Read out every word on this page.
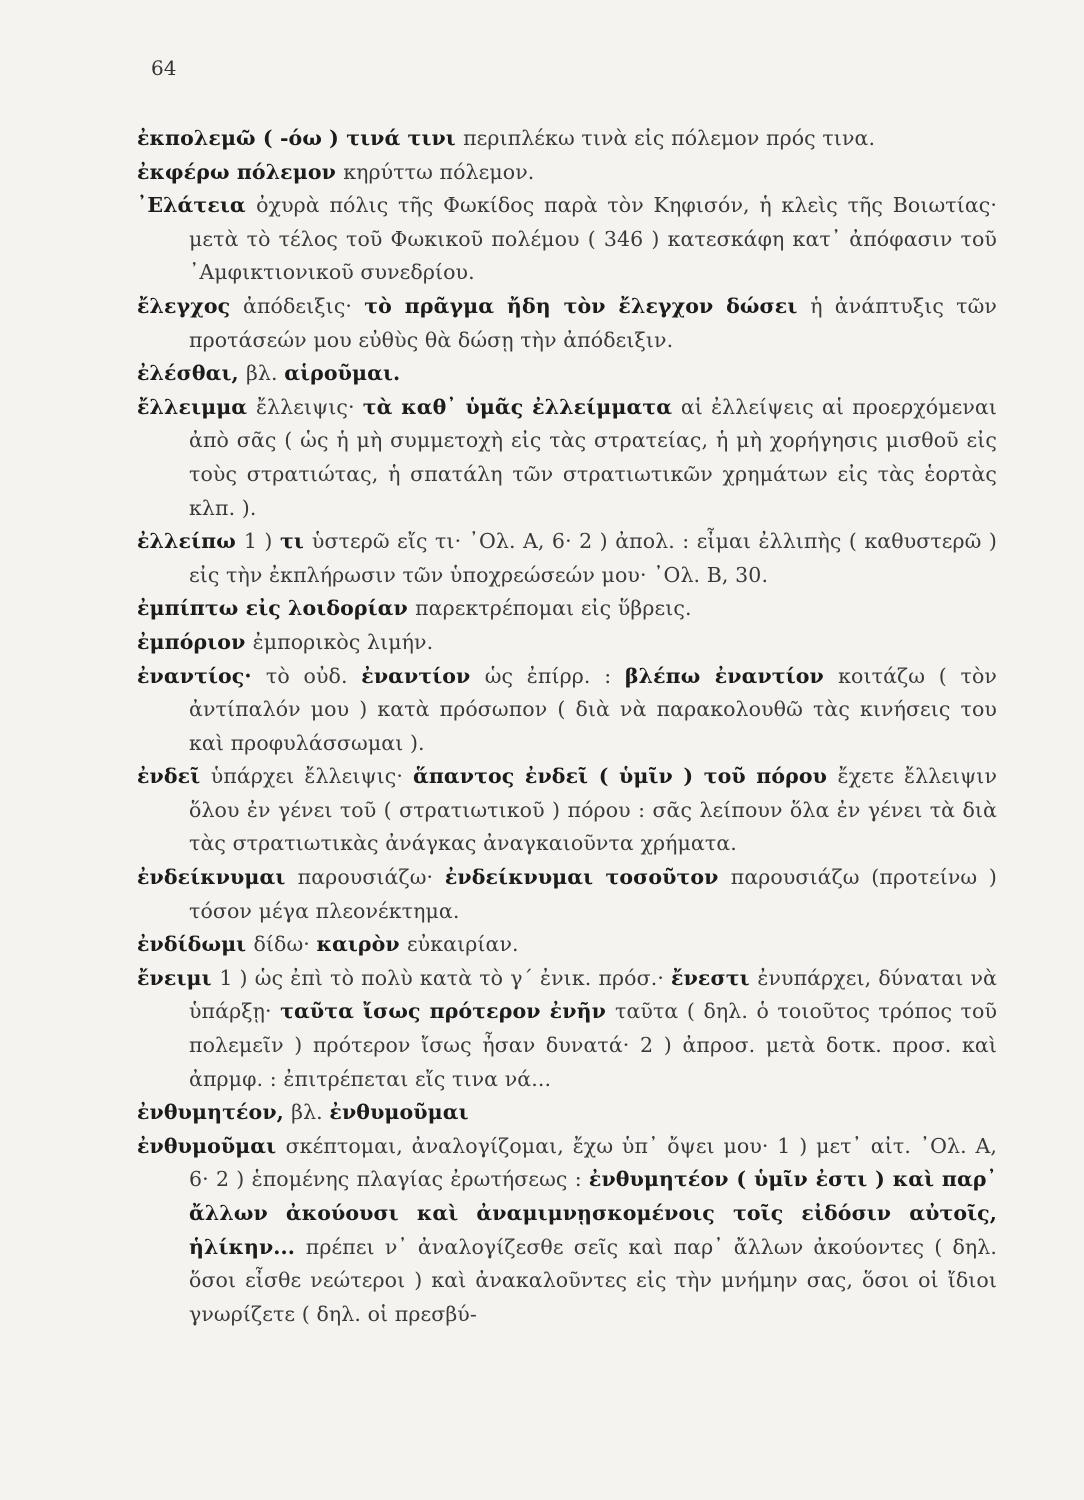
64
ἐκπολεμῶ ( -όω ) τινά τινι περιπλέκω τινὰ εἰς πόλεμον πρός τινα.
ἐκφέρω πόλεμον κηρύττω πόλεμον.
᾿Ελάτεια ὀχυρὰ πόλις τῆς Φωκίδος παρὰ τὸν Κηφισόν, ἡ κλεὶς τῆς Βοιωτίας· μετὰ τὸ τέλος τοῦ Φωκικοῦ πολέμου ( 346 ) κατεσκάφη κατ᾿ ἀπόφασιν τοῦ ᾿Αμφικτιονικοῦ συνεδρίου.
ἔλεγχος ἀπόδειξις· τὸ πρᾶγμα ἤδη τὸν ἔλεγχον δώσει ἡ ἀνάπτυξις τῶν προτάσεών μου εὐθὺς θὰ δώσῃ τὴν ἀπόδειξιν.
ἐλέσθαι, βλ. αἱροῦμαι.
ἔλλειμμα ἔλλειψις· τὰ καθ᾿ ὑμᾶς ἐλλείμματα αἱ ἐλλείψεις αἱ προερχόμεναι ἀπὸ σᾶς ( ὡς ἡ μὴ συμμετοχὴ εἰς τὰς στρατείας, ἡ μὴ χορήγησις μισθοῦ εἰς τοὺς στρατιώτας, ἡ σπατάλη τῶν στρατιωτικῶν χρημάτων εἰς τὰς ἑορτὰς κλπ. ).
ἐλλείπω 1 ) τι ὑστερῶ εἴς τι· ᾿Ολ. Α, 6· 2 ) ἀπολ. : εἶμαι ἐλλιπὴς ( καθυστερῶ ) εἰς τὴν ἐκπλήρωσιν τῶν ὑποχρεώσεών μου· ᾿Ολ. Β, 30.
ἐμπίπτω εἰς λοιδορίαν παρεκτρέπομαι εἰς ὕβρεις.
ἐμπόριον ἐμπορικὸς λιμήν.
ἐναντίος· τὸ οὐδ. ἐναντίον ὡς ἐπίρρ. : βλέπω ἐναντίον κοιτάζω ( τὸν ἀντίπαλόν μου ) κατὰ πρόσωπον ( διὰ νὰ παρακολουθῶ τὰς κινήσεις του καὶ προφυλάσσωμαι ).
ἐνδεῖ ὑπάρχει ἔλλειψις· ἅπαντος ἐνδεῖ ( ὑμῖν ) τοῦ πόρου ἔχετε ἔλλειψιν ὅλου ἐν γένει τοῦ ( στρατιωτικοῦ ) πόρου : σᾶς λείπουν ὅλα ἐν γένει τὰ διὰ τὰς στρατιωτικὰς ἀνάγκας ἀναγκαιοῦντα χρήματα.
ἐνδείκνυμαι παρουσιάζω· ἐνδείκνυμαι τοσοῦτον παρουσιάζω (προτείνω ) τόσον μέγα πλεονέκτημα.
ἐνδίδωμι δίδω· καιρὸν εὐκαιρίαν.
ἔνειμι 1 ) ὡς ἐπὶ τὸ πολὺ κατὰ τὸ γ΄ ἐνικ. πρόσ.· ἔνεστι ἐνυπάρχει, δύναται νὰ ὑπάρξῃ· ταῦτα ἴσως πρότερον ἐνῆν ταῦτα ( δηλ. ὁ τοιοῦτος τρόπος τοῦ πολεμεῖν ) πρότερον ἴσως ἦσαν δυνατά· 2 ) ἀπροσ. μετὰ δοτκ. προσ. καὶ ἀπρμφ. : ἐπιτρέπεται εἴς τινα νά...
ἐνθυμητέον, βλ. ἐνθυμοῦμαι
ἐνθυμοῦμαι σκέπτομαι, ἀναλογίζομαι, ἔχω ὑπ᾿ ὄψει μου· 1 ) μετ᾿ αἰτ. ᾿Ολ. Α, 6· 2 ) ἑπομένης πλαγίας ἐρωτήσεως : ἐνθυμητέον ( ὑμῖν ἐστι ) καὶ παρ᾿ ἄλλων ἀκούουσι καὶ ἀναμιμνῃσκομένοις τοῖς εἰδόσιν αὐτοῖς, ἡλίκην... πρέπει ν᾿ ἀναλογίζεσθε σεῖς καὶ παρ᾿ ἄλλων ἀκούοντες ( δηλ. ὅσοι εἶσθε νεώτεροι ) καὶ ἀνακαλοῦντες εἰς τὴν μνήμην σας, ὅσοι οἱ ἴδιοι γνωρίζετε ( δηλ. οἱ πρεσβύ-
